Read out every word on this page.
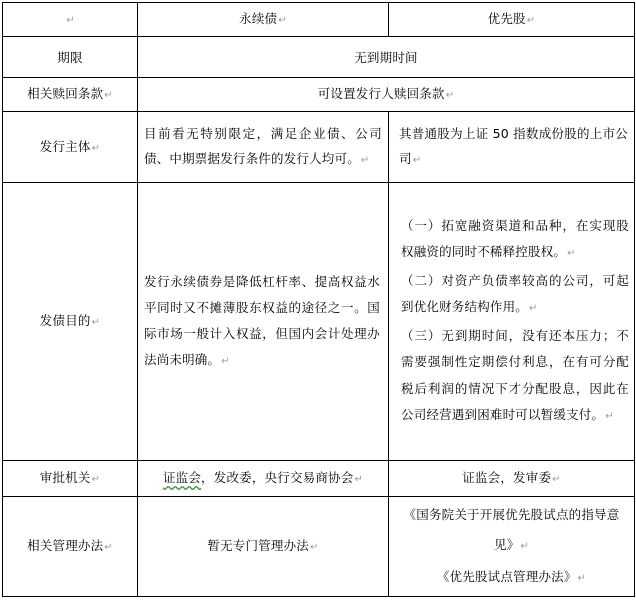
↵	永续债↵	优先股↵
期限	无到期时间	
相关赎回条款↵	可设置发行人赎回条款↵	
发行主体↵	目前看无特别限定，满足企业债、公司债、中期票据发行条件的发行人均可。↵	其普通股为上证 50 指数成份股的上市公司↵
发债目的↵	发行永续债券是降低杠杆率、提高权益水平同时又不摊薄股东权益的途径之一。国际市场一般计入权益，但国内会计处理办法尚未明确。↵	（一）拓宽融资渠道和品种，在实现股权融资的同时不稀释控股权。↵
（二）对资产负债率较高的公司，可起到优化财务结构作用。↵
（三）无到期时间，没有还本压力；不需要强制性定期偿付利息，在有可分配税后利润的情况下才分配股息，因此在公司经营遇到困难时可以暂缓支付。↵

审批机关↵	证监会，发改委，央行交易商协会↵	证监会，发审委↵
相关管理办法↵	暂无专门管理办法↵	《国务院关于开展优先股试点的指导意见》↵
《优先股试点管理办法》↵
